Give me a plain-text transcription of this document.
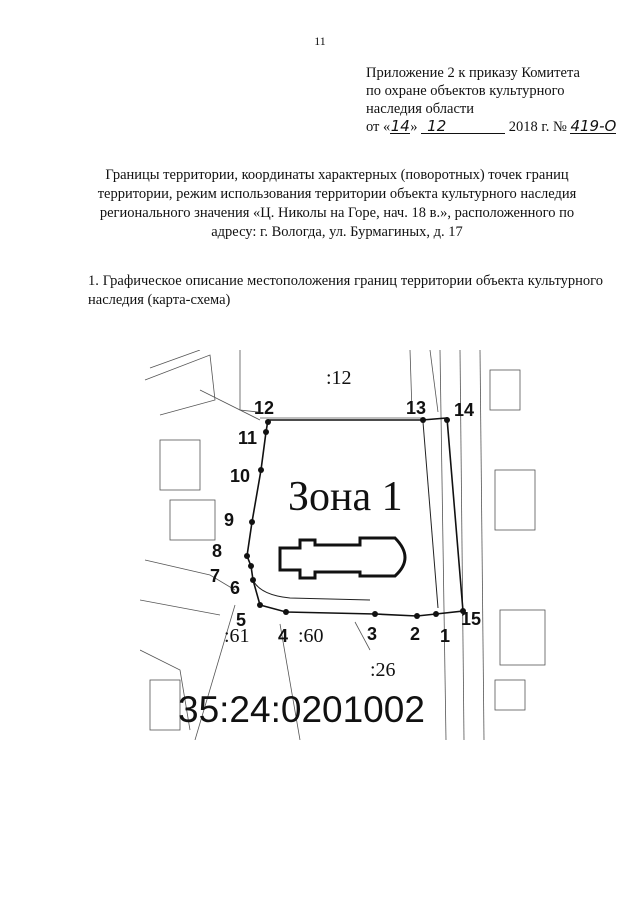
11
Приложение 2 к приказу Комитета
по охране объектов культурного
наследия области
от «14» 12	2018 г. № 419-О
Границы территории, координаты характерных (поворотных) точек границ
территории, режим использования территории объекта культурного наследия
регионального значения «Ц. Николы на Горе, нач. 18 в.», расположенного по
адресу: г. Вологда, ул. Бурмагиных, д. 17
1. Графическое описание местоположения границ территории объекта культурного наследия (карта-схема)
12
11
10
9
8
7
6
5
4	3 2 1
15
13 14
:12
:61 :60
:26
Зона 1
35:24:0201002
